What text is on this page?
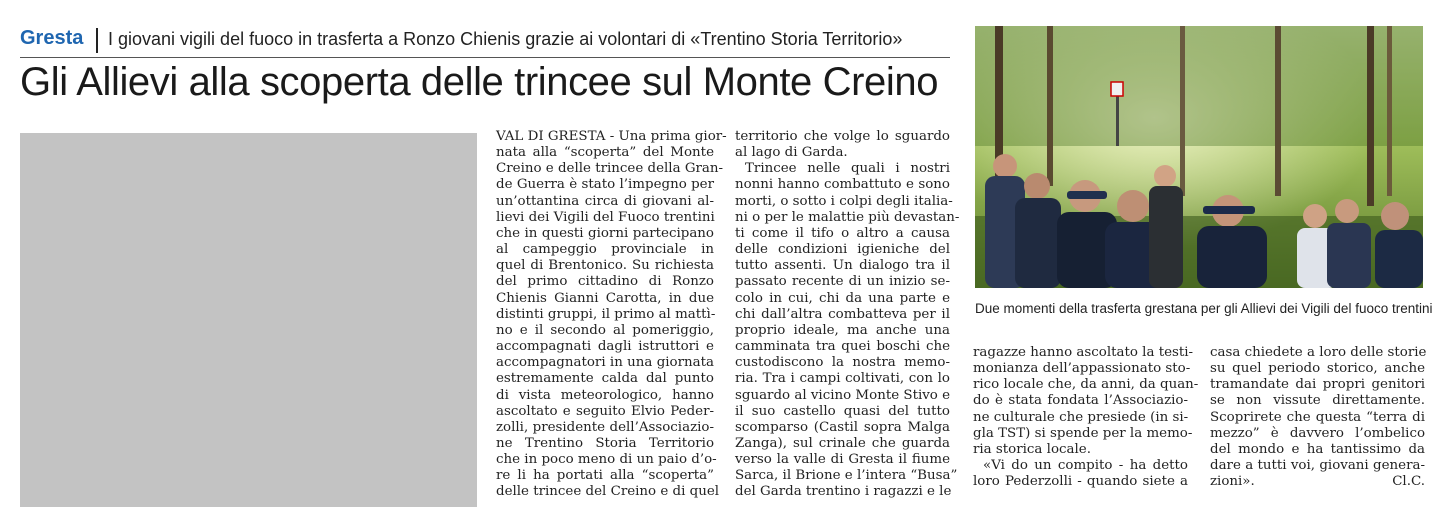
Gresta I giovani vigili del fuoco in trasferta a Ronzo Chienis grazie ai volontari di «Trentino Storia Territorio»
Gli Allievi alla scoperta delle trincee sul Monte Creino
VAL DI GRESTA - Una prima gior-
nata alla “scoperta” del Monte
Creino e delle trincee della Gran-
de Guerra è stato l’impegno per
un’ottantina circa di giovani al-
lievi dei Vigili del Fuoco trentini
che in questi giorni partecipano
al campeggio provinciale in
quel di Brentonico. Su richiesta
del primo cittadino di Ronzo
Chienis Gianni Carotta, in due
distinti gruppi, il primo al mattì-
no e il secondo al pomeriggio,
accompagnati dagli istruttori e
accompagnatori in una giornata
estremamente calda dal punto
di vista meteorologico, hanno
ascoltato e seguito Elvio Peder-
zolli, presidente dell’Associazio-
ne Trentino Storia Territorio
che in poco meno di un paio d’o-
re li ha portati alla “scoperta”
delle trincee del Creino e di quel
territorio che volge lo sguardo
al lago di Garda.
Trincee nelle quali i nostri
nonni hanno combattuto e sono
morti, o sotto i colpi degli italia-
ni o per le malattie più devastan-
ti come il tifo o altro a causa
delle condizioni igieniche del
tutto assenti. Un dialogo tra il
passato recente di un inizio se-
colo in cui, chi da una parte e
chi dall’altra combatteva per il
proprio ideale, ma anche una
camminata tra quei boschi che
custodiscono la nostra memo-
ria. Tra i campi coltivati, con lo
sguardo al vicino Monte Stivo e
il suo castello quasi del tutto
scomparso (Castil sopra Malga
Zanga), sul crinale che guarda
verso la valle di Gresta il fiume
Sarca, il Brione e l’intera “Busa”
del Garda trentino i ragazzi e le
ragazze hanno ascoltato la testi-
monianza dell’appassionato sto-
rico locale che, da anni, da quan-
do è stata fondata l’Associazio-
ne culturale che presiede (in si-
gla TST) si spende per la memo-
ria storica locale.
«Vi do un compito - ha detto
loro Pederzolli - quando siete a
casa chiedete a loro delle storie
su quel periodo storico, anche
tramandate dai propri genitori
se non vissute direttamente.
Scoprirete che questa “terra di
mezzo” è davvero l’ombelico
del mondo e ha tantissimo da
dare a tutti voi, giovani genera-
zioni».	Cl.C.
Due momenti della trasferta grestana per gli Allievi dei Vigili del fuoco trentini
